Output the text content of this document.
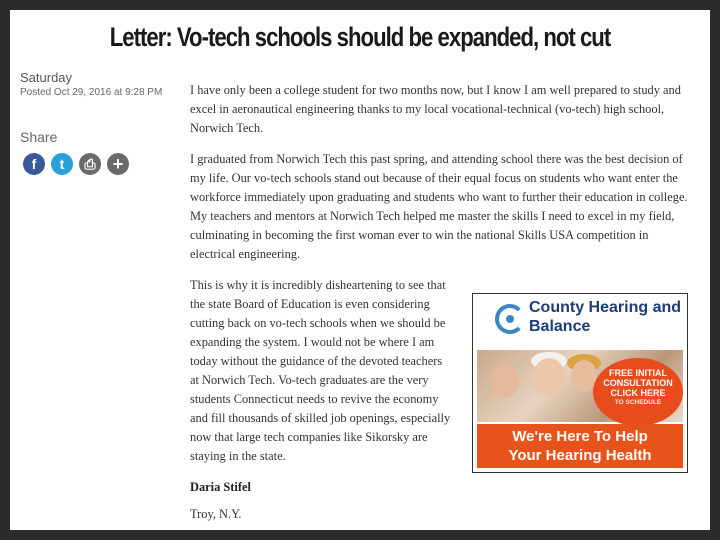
Letter: Vo-tech schools should be expanded, not cut
Saturday
Posted Oct 29, 2016 at 9:28 PM
Share
f	t	⎙ +

I have only been a college student for two months now, but I know I am well prepared to study and excel in aeronautical engineering thanks to my local vocational-technical (vo-tech) high school, Norwich Tech.

I graduated from Norwich Tech this past spring, and attending school there was the best decision of my life. Our vo-tech schools stand out because of their equal focus on students who want enter the workforce immediately upon graduating and students who want to further their education in college. My teachers and mentors at Norwich Tech helped me master the skills I need to excel in my field, culminating in becoming the first woman ever to win the national Skills USA competition in electrical engineering.

This is why it is incredibly disheartening to see that the state Board of Education is even considering cutting back on vo-tech schools when we should be expanding the system. I would not be where I am today without the guidance of the devoted teachers at Norwich Tech. Vo-tech graduates are the very students Connecticut needs to revive the economy and fill thousands of skilled job openings, especially now that large tech companies like Sikorsky are staying in the state.

Daria Stifel
Troy, N.Y.
County Hearing and Balance
FREE INITIAL
CONSULTATION
CLICK HERE
TO SCHEDULE
We're Here To Help
Your Hearing Health
